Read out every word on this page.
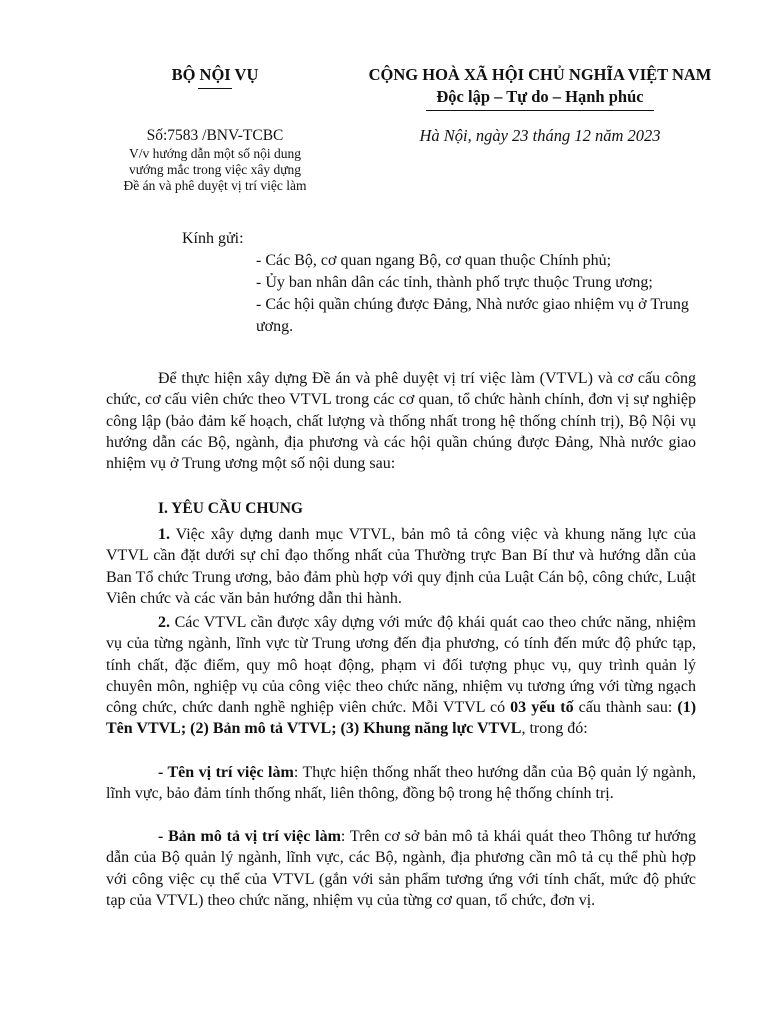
BỘ NỘI VỤ	CỘNG HOÀ XÃ HỘI CHỦ NGHĨA VIỆT NAM
Độc lập – Tự do – Hạnh phúc
Số:7583 /BNV-TCBC
V/v hướng dẫn một số nội dung
vướng mắc trong việc xây dựng
Đề án và phê duyệt vị trí việc làm
Hà Nội, ngày 23 tháng 12 năm 2023
Kính gửi:
- Các Bộ, cơ quan ngang Bộ, cơ quan thuộc Chính phủ;
- Ủy ban nhân dân các tỉnh, thành phố trực thuộc Trung ương;
- Các hội quần chúng được Đảng, Nhà nước giao nhiệm vụ ở Trung ương.
Để thực hiện xây dựng Đề án và phê duyệt vị trí việc làm (VTVL) và cơ cấu công chức, cơ cấu viên chức theo VTVL trong các cơ quan, tổ chức hành chính, đơn vị sự nghiệp công lập (bảo đảm kế hoạch, chất lượng và thống nhất trong hệ thống chính trị), Bộ Nội vụ hướng dẫn các Bộ, ngành, địa phương và các hội quần chúng được Đảng, Nhà nước giao nhiệm vụ ở Trung ương một số nội dung sau:
I. YÊU CẦU CHUNG
1. Việc xây dựng danh mục VTVL, bản mô tả công việc và khung năng lực của VTVL cần đặt dưới sự chỉ đạo thống nhất của Thường trực Ban Bí thư và hướng dẫn của Ban Tổ chức Trung ương, bảo đảm phù hợp với quy định của Luật Cán bộ, công chức, Luật Viên chức và các văn bản hướng dẫn thi hành.
2. Các VTVL cần được xây dựng với mức độ khái quát cao theo chức năng, nhiệm vụ của từng ngành, lĩnh vực từ Trung ương đến địa phương, có tính đến mức độ phức tạp, tính chất, đặc điểm, quy mô hoạt động, phạm vi đối tượng phục vụ, quy trình quản lý chuyên môn, nghiệp vụ của công việc theo chức năng, nhiệm vụ tương ứng với từng ngạch công chức, chức danh nghề nghiệp viên chức. Mỗi VTVL có 03 yếu tố cấu thành sau: (1) Tên VTVL; (2) Bản mô tả VTVL; (3) Khung năng lực VTVL, trong đó:
- Tên vị trí việc làm: Thực hiện thống nhất theo hướng dẫn của Bộ quản lý ngành, lĩnh vực, bảo đảm tính thống nhất, liên thông, đồng bộ trong hệ thống chính trị.
- Bản mô tả vị trí việc làm: Trên cơ sở bản mô tả khái quát theo Thông tư hướng dẫn của Bộ quản lý ngành, lĩnh vực, các Bộ, ngành, địa phương cần mô tả cụ thể phù hợp với công việc cụ thể của VTVL (gắn với sản phẩm tương ứng với tính chất, mức độ phức tạp của VTVL) theo chức năng, nhiệm vụ của từng cơ quan, tổ chức, đơn vị.
